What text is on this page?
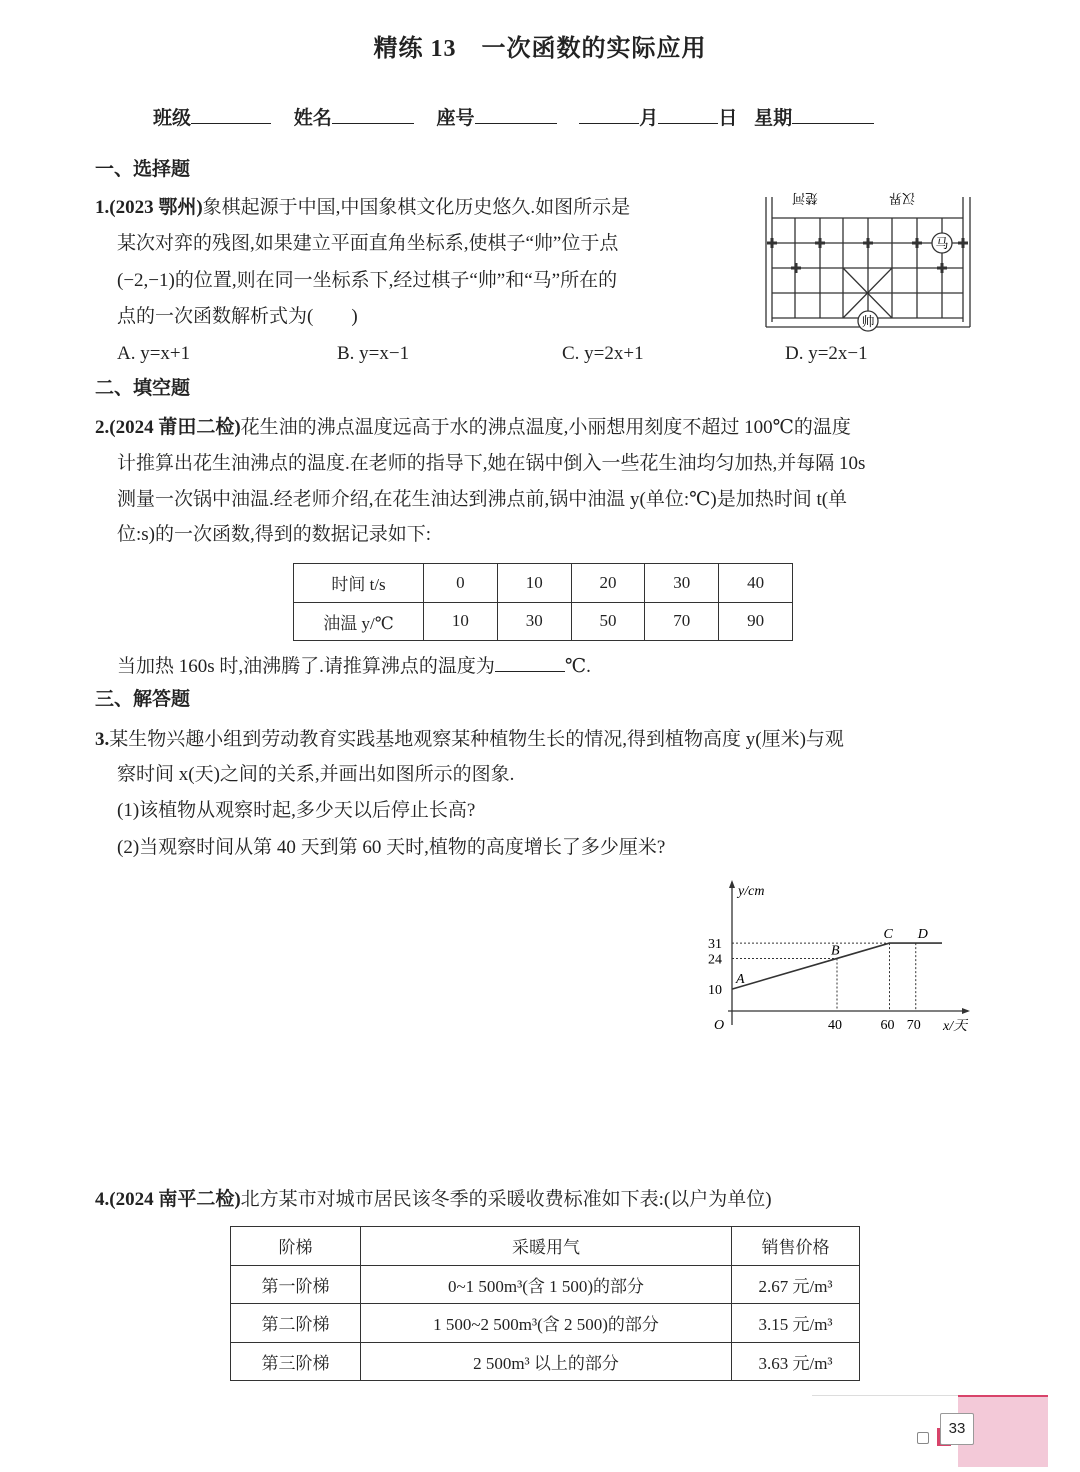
精练 13　一次函数的实际应用
班级	姓名	座号	月	日 星期
一、选择题
1.(2023 鄂州)象棋起源于中国,中国象棋文化历史悠久.如图所示是
某次对弈的残图,如果建立平面直角坐标系,使棋子“帅”位于点
(−2,−1)的位置,则在同一坐标系下,经过棋子“帅”和“马”所在的
点的一次函数解析式为(　　)
A. y=x+1	B. y=x−1	C. y=2x+1	D. y=2x−1
楚河	汉界
马
帅
二、填空题
2.(2024 莆田二检)花生油的沸点温度远高于水的沸点温度,小丽想用刻度不超过 100℃的温度
计推算出花生油沸点的温度.在老师的指导下,她在锅中倒入一些花生油均匀加热,并每隔 10s
测量一次锅中油温.经老师介绍,在花生油达到沸点前,锅中油温 y(单位:℃)是加热时间 t(单
位:s)的一次函数,得到的数据记录如下:
时间 t/s	0	10	20	30	40
油温 y/℃	10	30	50	70	90
当加热 160s 时,油沸腾了.请推算沸点的温度为	℃.
三、解答题
3.某生物兴趣小组到劳动教育实践基地观察某种植物生长的情况,得到植物高度 y(厘米)与观
察时间 x(天)之间的关系,并画出如图所示的图象.
(1)该植物从观察时起,多少天以后停止长高?
(2)当观察时间从第 40 天到第 60 天时,植物的高度增长了多少厘米?
A
B
C D
40	60 70
10
24
31
O
y/cm
x/天
4.(2024 南平二检)北方某市对城市居民该冬季的采暖收费标准如下表:(以户为单位)
阶梯	采暖用气	销售价格
第一阶梯	0~1 500m³(含 1 500)的部分	2.67 元/m³
第二阶梯	1 500~2 500m³(含 2 500)的部分	3.15 元/m³
第三阶梯	2 500m³ 以上的部分	3.63 元/m³
33
